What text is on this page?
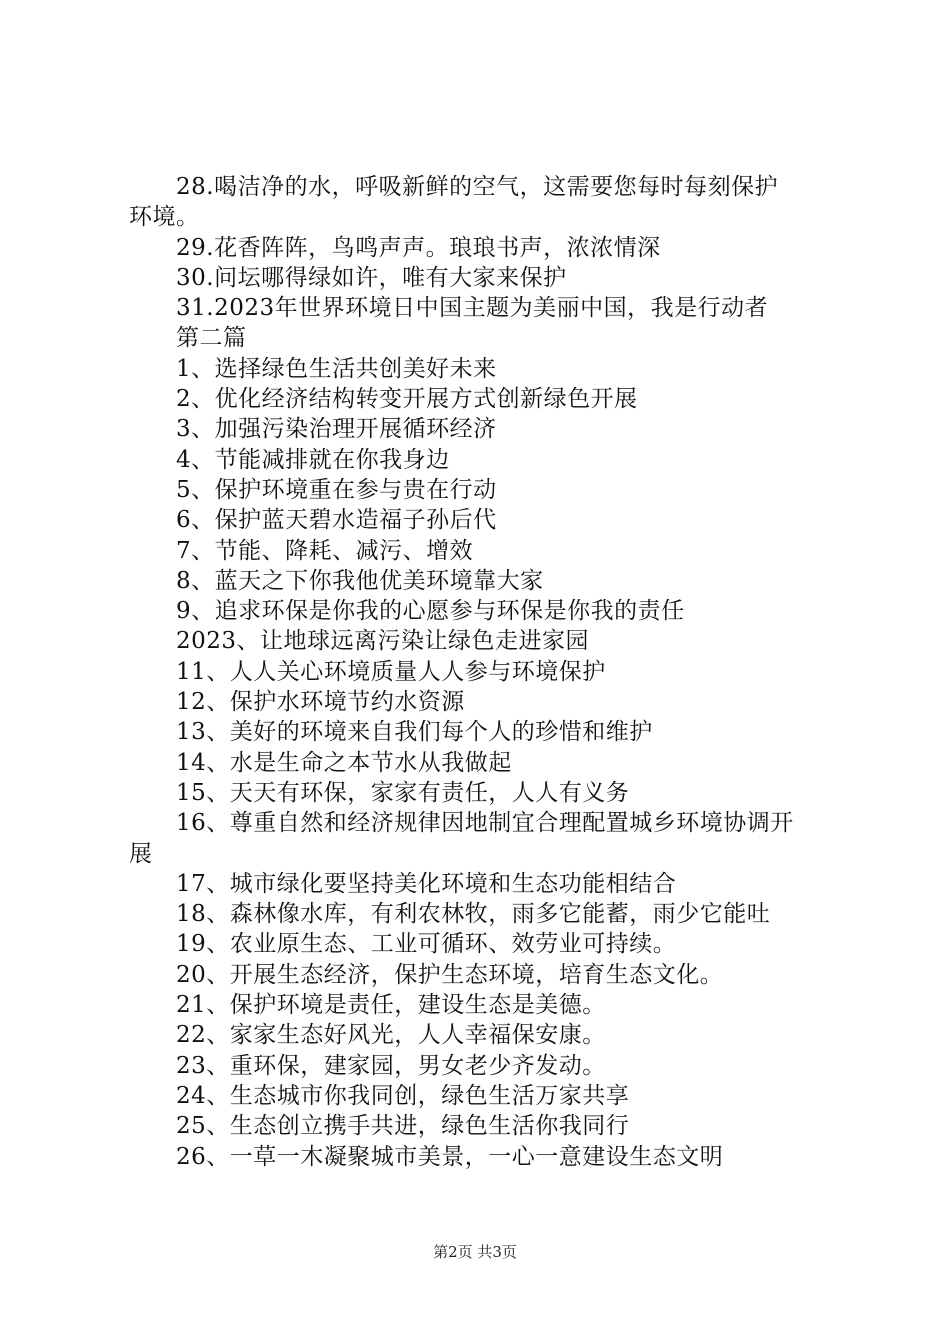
28.喝洁净的水，呼吸新鲜的空气，这需要您每时每刻保护
环境。
29.花香阵阵，鸟鸣声声。琅琅书声，浓浓情深
30.问坛哪得绿如许，唯有大家来保护
31.2023年世界环境日中国主题为美丽中国，我是行动者
第二篇
1、选择绿色生活共创美好未来
2、优化经济结构转变开展方式创新绿色开展
3、加强污染治理开展循环经济
4、节能减排就在你我身边
5、保护环境重在参与贵在行动
6、保护蓝天碧水造福子孙后代
7、节能、降耗、减污、增效
8、蓝天之下你我他优美环境靠大家
9、追求环保是你我的心愿参与环保是你我的责任
2023、让地球远离污染让绿色走进家园
11、人人关心环境质量人人参与环境保护
12、保护水环境节约水资源
13、美好的环境来自我们每个人的珍惜和维护
14、水是生命之本节水从我做起
15、天天有环保，家家有责任，人人有义务
16、尊重自然和经济规律因地制宜合理配置城乡环境协调开
展
17、城市绿化要坚持美化环境和生态功能相结合
18、森林像水库，有利农林牧，雨多它能蓄，雨少它能吐
19、农业原生态、工业可循环、效劳业可持续。
20、开展生态经济，保护生态环境，培育生态文化。
21、保护环境是责任，建设生态是美德。
22、家家生态好风光，人人幸福保安康。
23、重环保，建家园，男女老少齐发动。
24、生态城市你我同创，绿色生活万家共享
25、生态创立携手共进，绿色生活你我同行
26、一草一木凝聚城市美景，一心一意建设生态文明
第2页 共3页
